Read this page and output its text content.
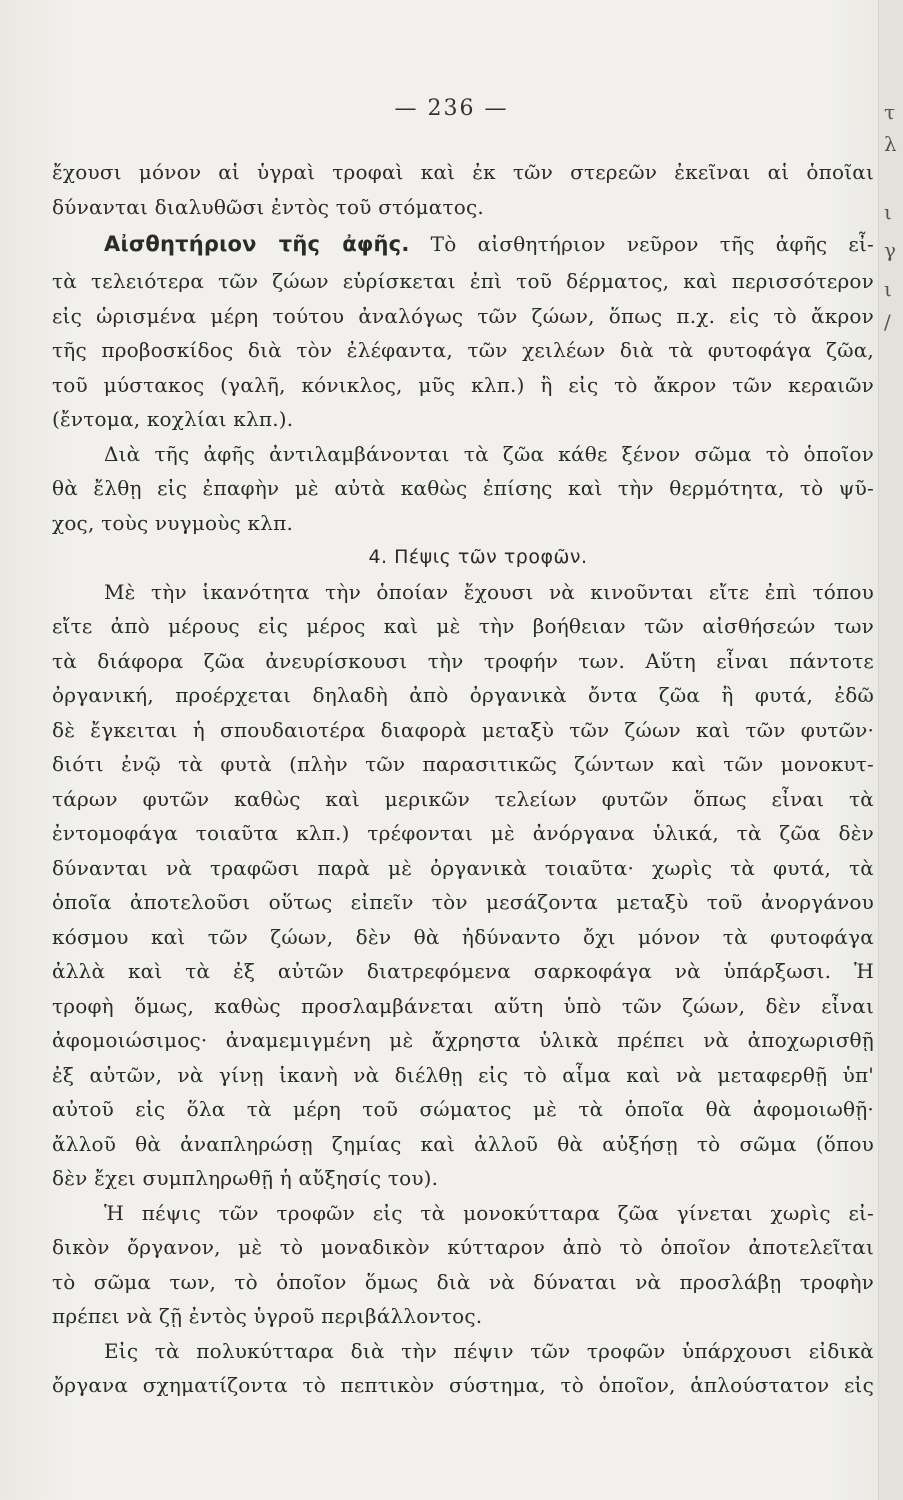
τ
λ
ι
γ
ι
/
— 236 —
ἔχουσι μόνον αἱ ὑγραὶ τροφαὶ καὶ ἐκ τῶν στερεῶν ἐκεῖναι αἱ ὁποῖαι
δύνανται διαλυθῶσι ἐντὸς τοῦ στόματος.
Αἰσθητήριον τῆς ἀφῆς. Τὸ αἰσθητήριον νεῦρον τῆς ἀφῆς εἶ-
τὰ τελειότερα τῶν ζώων εὑρίσκεται ἐπὶ τοῦ δέρματος, καὶ περισσότερον
εἰς ὡρισμένα μέρη τούτου ἀναλόγως τῶν ζώων, ὅπως π.χ. εἰς τὸ ἄκρον
τῆς προβοσκίδος διὰ τὸν ἐλέφαντα, τῶν χειλέων διὰ τὰ φυτοφάγα ζῶα,
τοῦ μύστακος (γαλῆ, κόνικλος, μῦς κλπ.) ἢ εἰς τὸ ἄκρον τῶν κεραιῶν
(ἔντομα, κοχλίαι κλπ.).
Διὰ τῆς ἀφῆς ἀντιλαμβάνονται τὰ ζῶα κάθε ξένον σῶμα τὸ ὁποῖον
θὰ ἔλθῃ εἰς ἐπαφὴν μὲ αὐτὰ καθὼς ἐπίσης καὶ τὴν θερμότητα, τὸ ψῦ-
χος, τοὺς νυγμοὺς κλπ.
4. Πέψις τῶν τροφῶν.
Μὲ τὴν ἱκανότητα τὴν ὁποίαν ἔχουσι νὰ κινοῦνται εἴτε ἐπὶ τόπου
εἴτε ἀπὸ μέρους εἰς μέρος καὶ μὲ τὴν βοήθειαν τῶν αἰσθήσεών των
τὰ διάφορα ζῶα ἀνευρίσκουσι τὴν τροφήν των. Αὕτη εἶναι πάντοτε
ὀργανική, προέρχεται δηλαδὴ ἀπὸ ὀργανικὰ ὄντα ζῶα ἢ φυτά, ἐδῶ
δὲ ἔγκειται ἡ σπουδαιοτέρα διαφορὰ μεταξὺ τῶν ζώων καὶ τῶν φυτῶν·
διότι ἐνῷ τὰ φυτὰ (πλὴν τῶν παρασιτικῶς ζώντων καὶ τῶν μονοκυτ-
τάρων φυτῶν καθὼς καὶ μερικῶν τελείων φυτῶν ὅπως εἶναι τὰ
ἐντομοφάγα τοιαῦτα κλπ.) τρέφονται μὲ ἀνόργανα ὑλικά, τὰ ζῶα δὲν
δύνανται νὰ τραφῶσι παρὰ μὲ ὀργανικὰ τοιαῦτα· χωρὶς τὰ φυτά, τὰ
ὁποῖα ἀποτελοῦσι οὕτως εἰπεῖν τὸν μεσάζοντα μεταξὺ τοῦ ἀνοργάνου
κόσμου καὶ τῶν ζώων, δὲν θὰ ἠδύναντο ὄχι μόνον τὰ φυτοφάγα
ἀλλὰ καὶ τὰ ἐξ αὐτῶν διατρεφόμενα σαρκοφάγα νὰ ὑπάρξωσι. Ἡ
τροφὴ ὅμως, καθὼς προσλαμβάνεται αὕτη ὑπὸ τῶν ζώων, δὲν εἶναι
ἀφομοιώσιμος· ἀναμεμιγμένη μὲ ἄχρηστα ὑλικὰ πρέπει νὰ ἀποχωρισθῇ
ἐξ αὐτῶν, νὰ γίνῃ ἱκανὴ νὰ διέλθῃ εἰς τὸ αἷμα καὶ νὰ μεταφερθῇ ὑπ'
αὐτοῦ εἰς ὅλα τὰ μέρη τοῦ σώματος μὲ τὰ ὁποῖα θὰ ἀφομοιωθῇ·
ἄλλοῦ θὰ ἀναπληρώσῃ ζημίας καὶ ἀλλοῦ θὰ αὐξήσῃ τὸ σῶμα (ὅπου
δὲν ἔχει συμπληρωθῇ ἡ αὔξησίς του).
Ἡ πέψις τῶν τροφῶν εἰς τὰ μονοκύτταρα ζῶα γίνεται χωρὶς εἰ-
δικὸν ὄργανον, μὲ τὸ μοναδικὸν κύτταρον ἀπὸ τὸ ὁποῖον ἀποτελεῖται
τὸ σῶμα των, τὸ ὁποῖον ὅμως διὰ νὰ δύναται νὰ προσλάβῃ τροφὴν
πρέπει νὰ ζῇ ἐντὸς ὑγροῦ περιβάλλοντος.
Εἰς τὰ πολυκύτταρα διὰ τὴν πέψιν τῶν τροφῶν ὑπάρχουσι εἰδικὰ
ὄργανα σχηματίζοντα τὸ πεπτικὸν σύστημα, τὸ ὁποῖον, ἁπλούστατον εἰς
